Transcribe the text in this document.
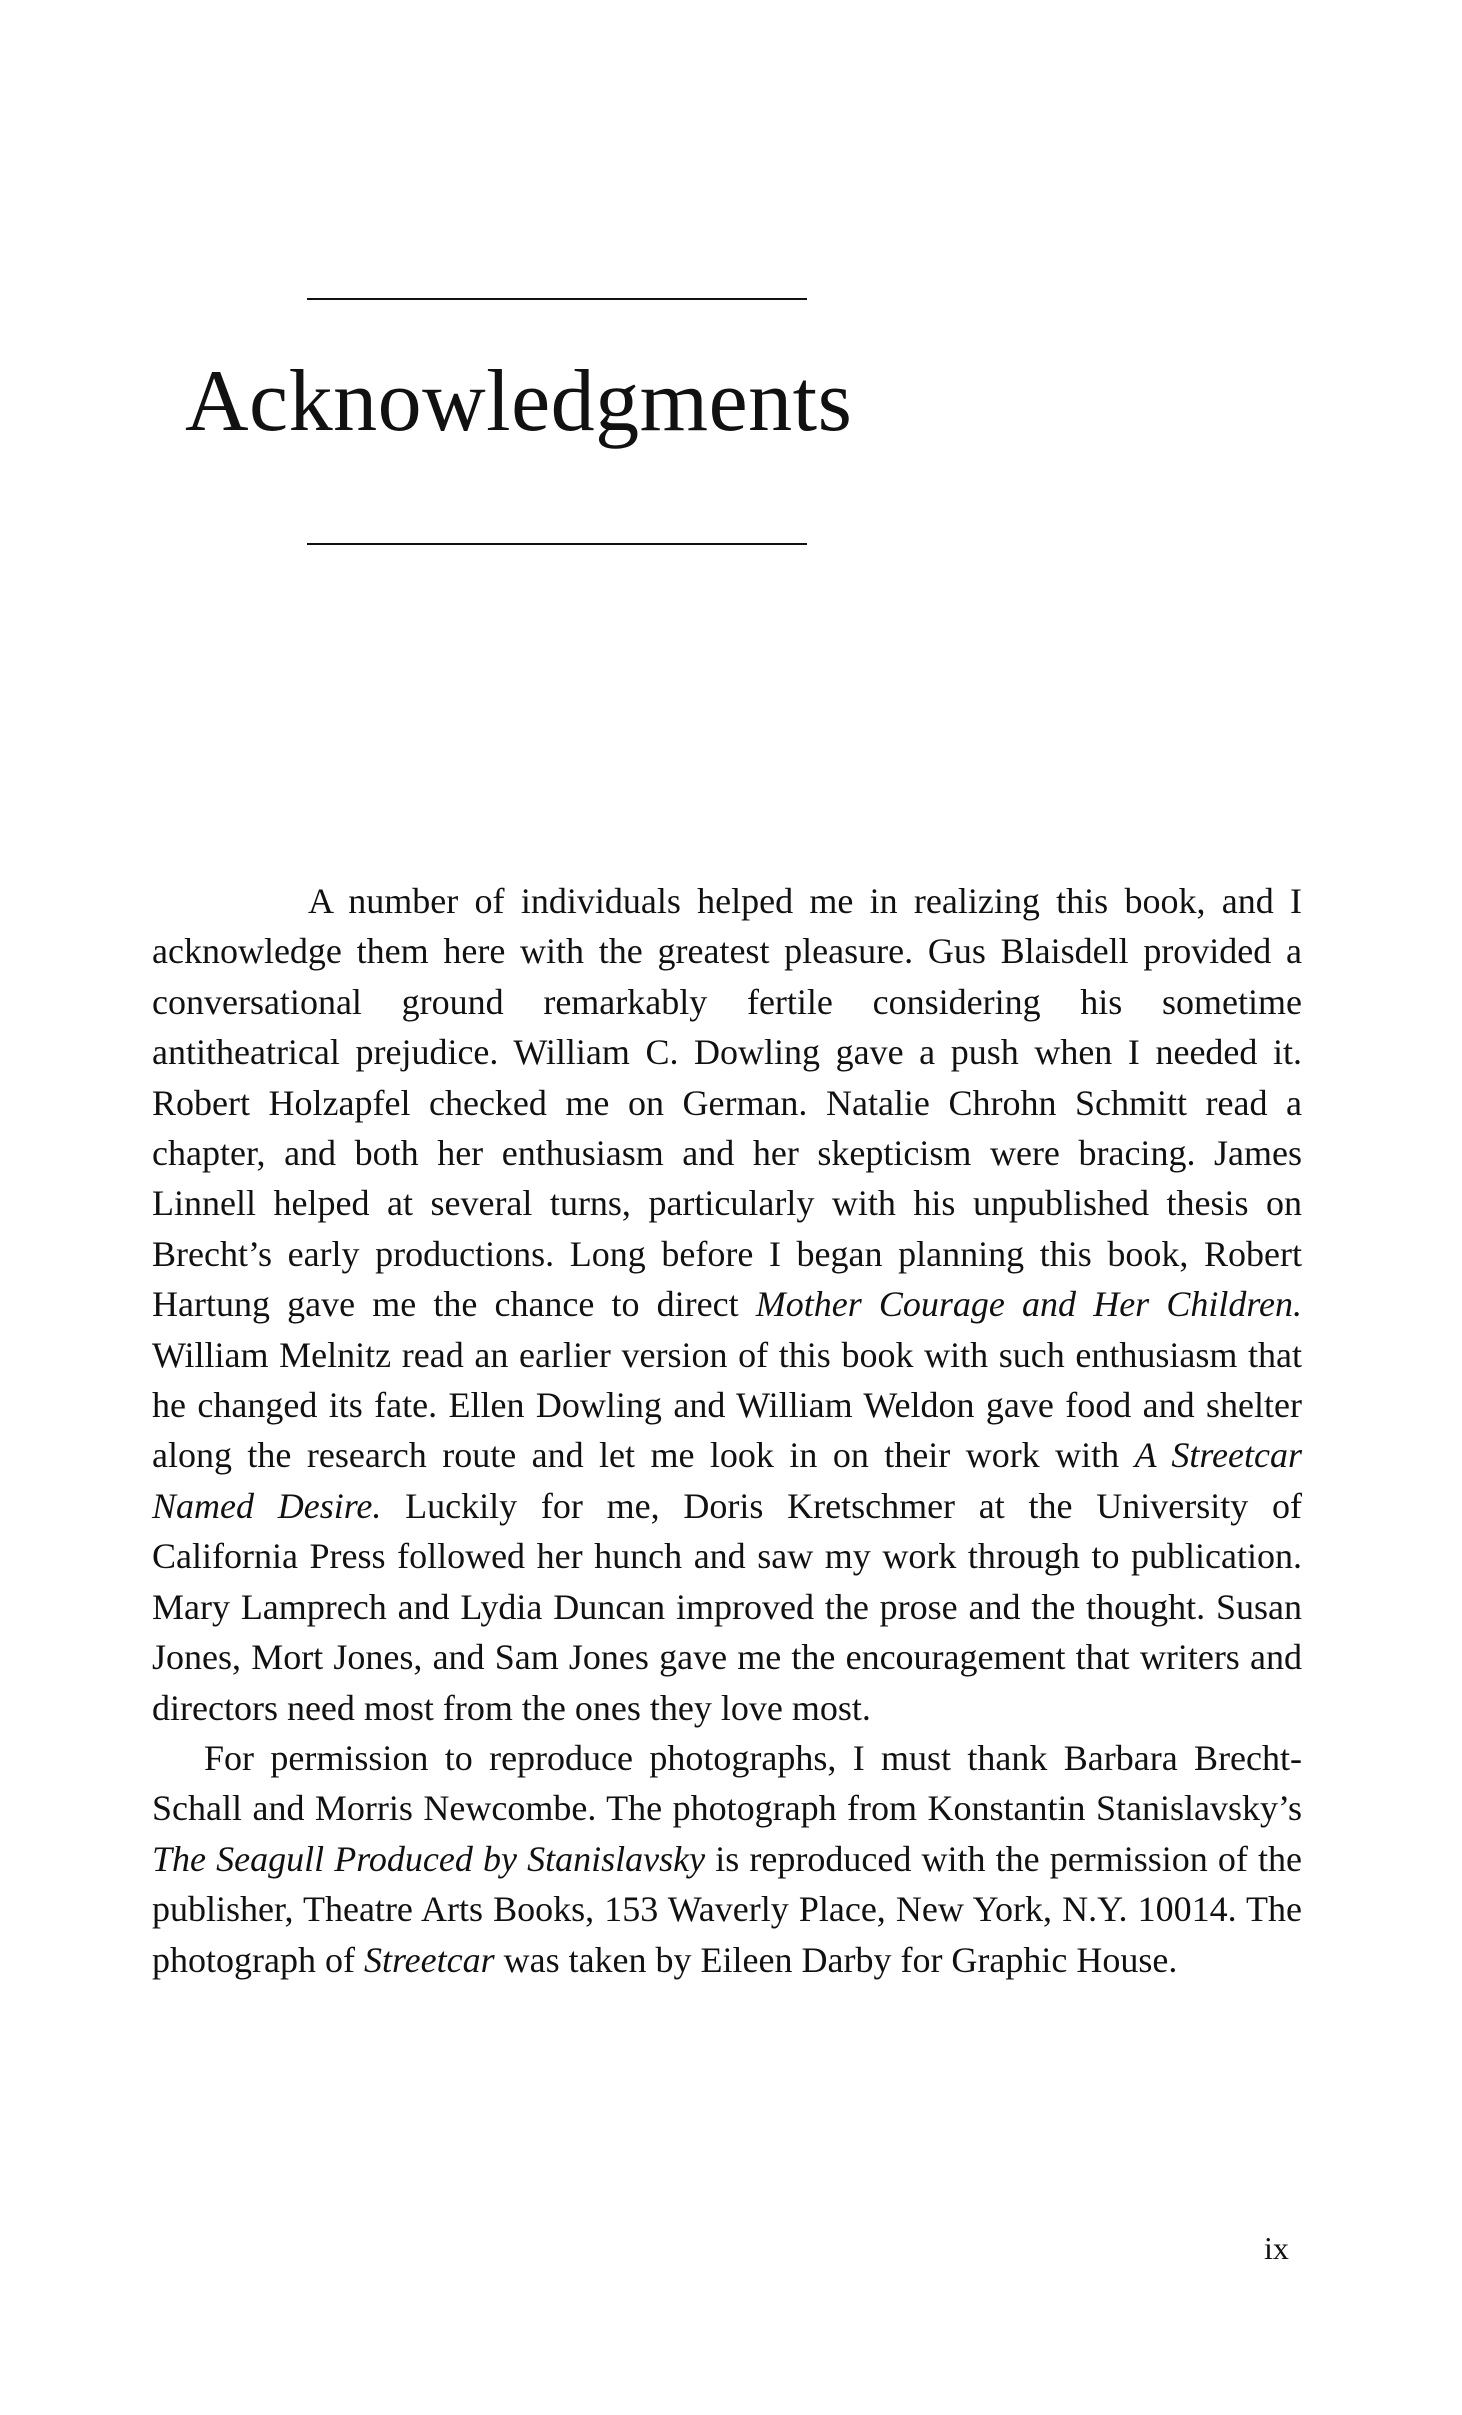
Acknowledgments

A number of individuals helped me in realizing this book, and I acknowledge them here with the greatest pleasure. Gus Blaisdell provided a conversational ground remarkably fertile considering his sometime antitheatrical prejudice. William C. Dowling gave a push when I needed it. Robert Holzapfel checked me on German. Natalie Chrohn Schmitt read a chapter, and both her enthusiasm and her skepticism were bracing. James Linnell helped at several turns, particularly with his unpublished thesis on Brecht’s early productions. Long before I began planning this book, Robert Hartung gave me the chance to direct Mother Courage and Her Children. William Melnitz read an earlier version of this book with such enthusiasm that he changed its fate. Ellen Dowling and William Weldon gave food and shelter along the research route and let me look in on their work with A Streetcar Named Desire. Luckily for me, Doris Kretschmer at the University of California Press followed her hunch and saw my work through to publication. Mary Lamprech and Lydia Duncan improved the prose and the thought. Susan Jones, Mort Jones, and Sam Jones gave me the encouragement that writers and directors need most from the ones they love most.

For permission to reproduce photographs, I must thank Barbara Brecht-Schall and Morris Newcombe. The photograph from Konstantin Stanislavsky’s The Seagull Produced by Stanislavsky is reproduced with the permission of the publisher, Theatre Arts Books, 153 Waverly Place, New York, N.Y. 10014. The photograph of Streetcar was taken by Eileen Darby for Graphic House.

ix
